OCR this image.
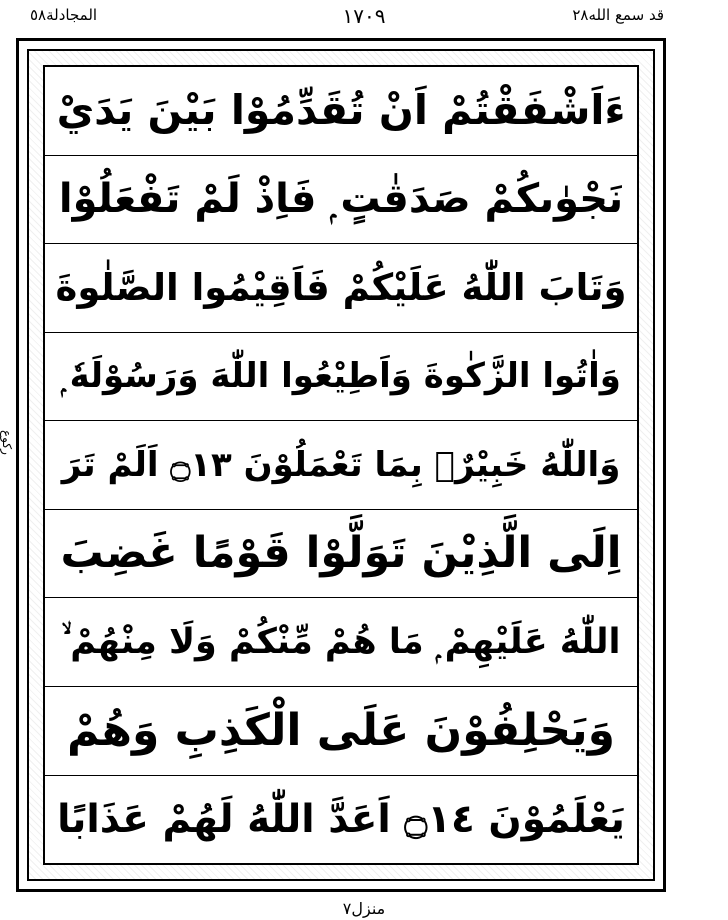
المجادلة٥٨	١٧٠٩	قد سمع الله٢٨
ركوع
ءَاَشْفَقْتُمْ اَنْ تُقَدِّمُوْا بَيْنَ يَدَيْ
نَجْوٰىكُمْ صَدَقٰتٍ ۭ فَاِذْ لَمْ تَفْعَلُوْا
وَتَابَ اللّٰهُ عَلَيْكُمْ فَاَقِيْمُوا الصَّلٰوةَ
وَاٰتُوا الزَّكٰوةَ وَاَطِيْعُوا اللّٰهَ وَرَسُوْلَهٗ ۭ
وَاللّٰهُ خَبِيْرٌۢ بِمَا تَعْمَلُوْنَ ۝١٣ اَلَمْ تَرَ
اِلَى الَّذِيْنَ تَوَلَّوْا قَوْمًا غَضِبَ
اللّٰهُ عَلَيْهِمْ ۭ مَا هُمْ مِّنْكُمْ وَلَا مِنْهُمْ ۙ
وَيَحْلِفُوْنَ عَلَى الْكَذِبِ وَهُمْ
يَعْلَمُوْنَ ۝١٤ اَعَدَّ اللّٰهُ لَهُمْ عَذَابًا
منزل٧
